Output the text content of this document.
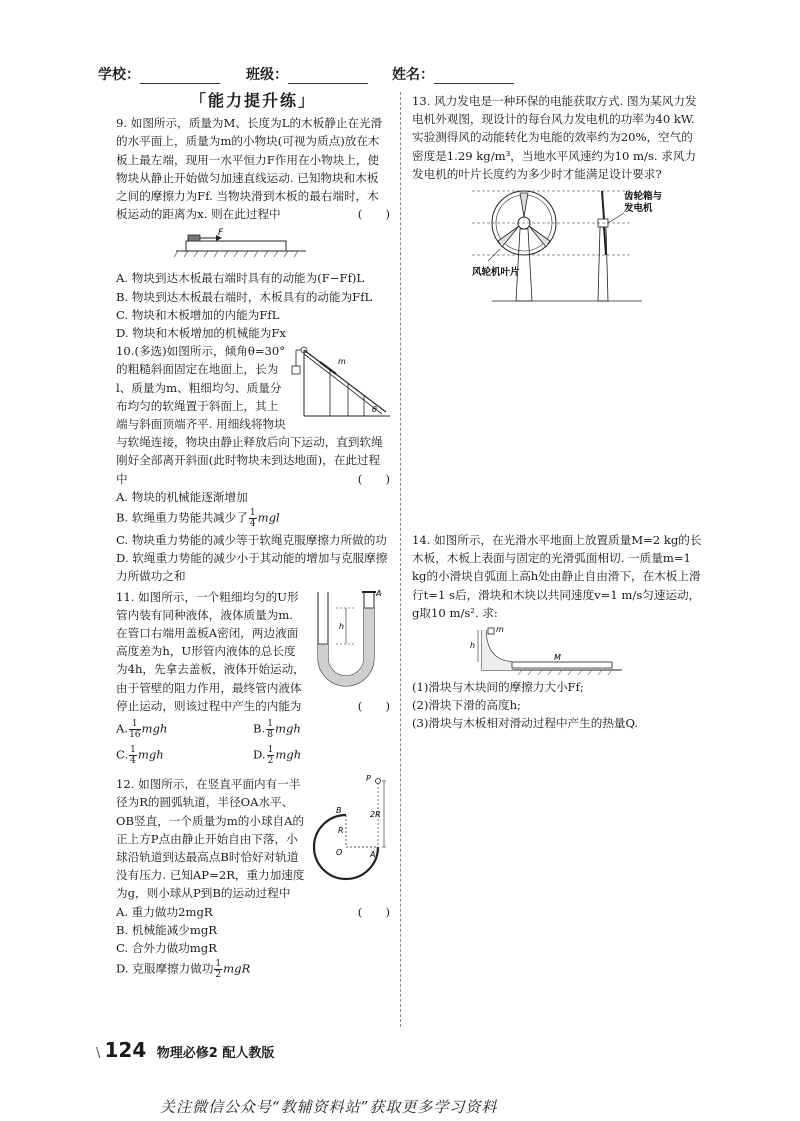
学校：	班级：	姓名：
「能力提升练」

9. 如图所示，质量为M、长度为L的木板静止在光滑的水平面上，质量为m的小物块(可视为质点)放在木板上最左端，现用一水平恒力F作用在小物块上，使物块从静止开始做匀加速直线运动. 已知物块和木板之间的摩擦力为Ff. 当物块滑到木板的最右端时，木板运动的距离为x. 则在此过程中	(　　)

F

A. 物块到达木板最右端时具有的动能为(F−Ff)L

B. 物块到达木板最右端时，木板具有的动能为FfL

C. 物块和木板增加的内能为FfL

D. 物块和木板增加的机械能为Fx

m
θ

10.(多选)如图所示，倾角θ=30°的粗糙斜面固定在地面上，长为l、质量为m、粗细均匀、质量分布均匀的软绳置于斜面上，其上端与斜面顶端齐平. 用细线将物块与软绳连接，物块由静止释放后向下运动，直到软绳刚好全部离开斜面(此时物块未到达地面)，在此过程中	(　　)

A. 物块的机械能逐渐增加

B. 软绳重力势能共减少了 $\frac{1}{4}$ mgl

C. 物块重力势能的减少等于软绳克服摩擦力所做的功

D. 软绳重力势能的减少小于其动能的增加与克服摩擦力所做功之和

h
A

11. 如图所示，一个粗细均匀的U形管内装有同种液体，液体质量为m. 在管口右端用盖板A密闭，两边液面高度差为h，U形管内液体的总长度为4h，先拿去盖板，液体开始运动，由于管壁的阻力作用，最终管内液体停止运动，则该过程中产生的内能为	(　　)

A. $\frac{1}{16}$ mgh	B. $\frac{1}{8}$ mgh
C. $\frac{1}{4}$ mgh	D. $\frac{1}{2}$ mgh
P
B
R
2R
O	A

12. 如图所示，在竖直平面内有一半径为R的圆弧轨道，半径OA水平、OB竖直，一个质量为m的小球自A的正上方P点由静止开始自由下落，小球沿轨道到达最高点B时恰好对轨道没有压力. 已知AP=2R，重力加速度为g，则小球从P到B的运动过程中
(　　)

A. 重力做功2mgR

B. 机械能减少mgR

C. 合外力做功mgR

D. 克服摩擦力做功 $\frac{1}{2}$ mgR

13. 风力发电是一种环保的电能获取方式. 图为某风力发电机外观图，现设计的每台风力发电机的功率为40 kW. 实验测得风的动能转化为电能的效率约为20%，空气的密度是1.29 kg/m³，当地水平风速约为10 m/s. 求风力发电机的叶片长度约为多少时才能满足设计要求?

齿轮箱与
发电机
风轮机叶片

14. 如图所示，在光滑水平地面上放置质量M=2 kg的长木板，木板上表面与固定的光滑弧面相切. 一质量m=1 kg的小滑块自弧面上高h处由静止自由滑下，在木板上滑行t=1 s后，滑块和木块以共同速度v=1 m/s匀速运动，g取10 m/s². 求:

m
h
M

(1)滑块与木块间的摩擦力大小Ff;

(2)滑块下滑的高度h;

(3)滑块与木板相对滑动过程中产生的热量Q.

\ 124 物理必修2 配人教版
关注微信公众号“教辅资料站”获取更多学习资料
